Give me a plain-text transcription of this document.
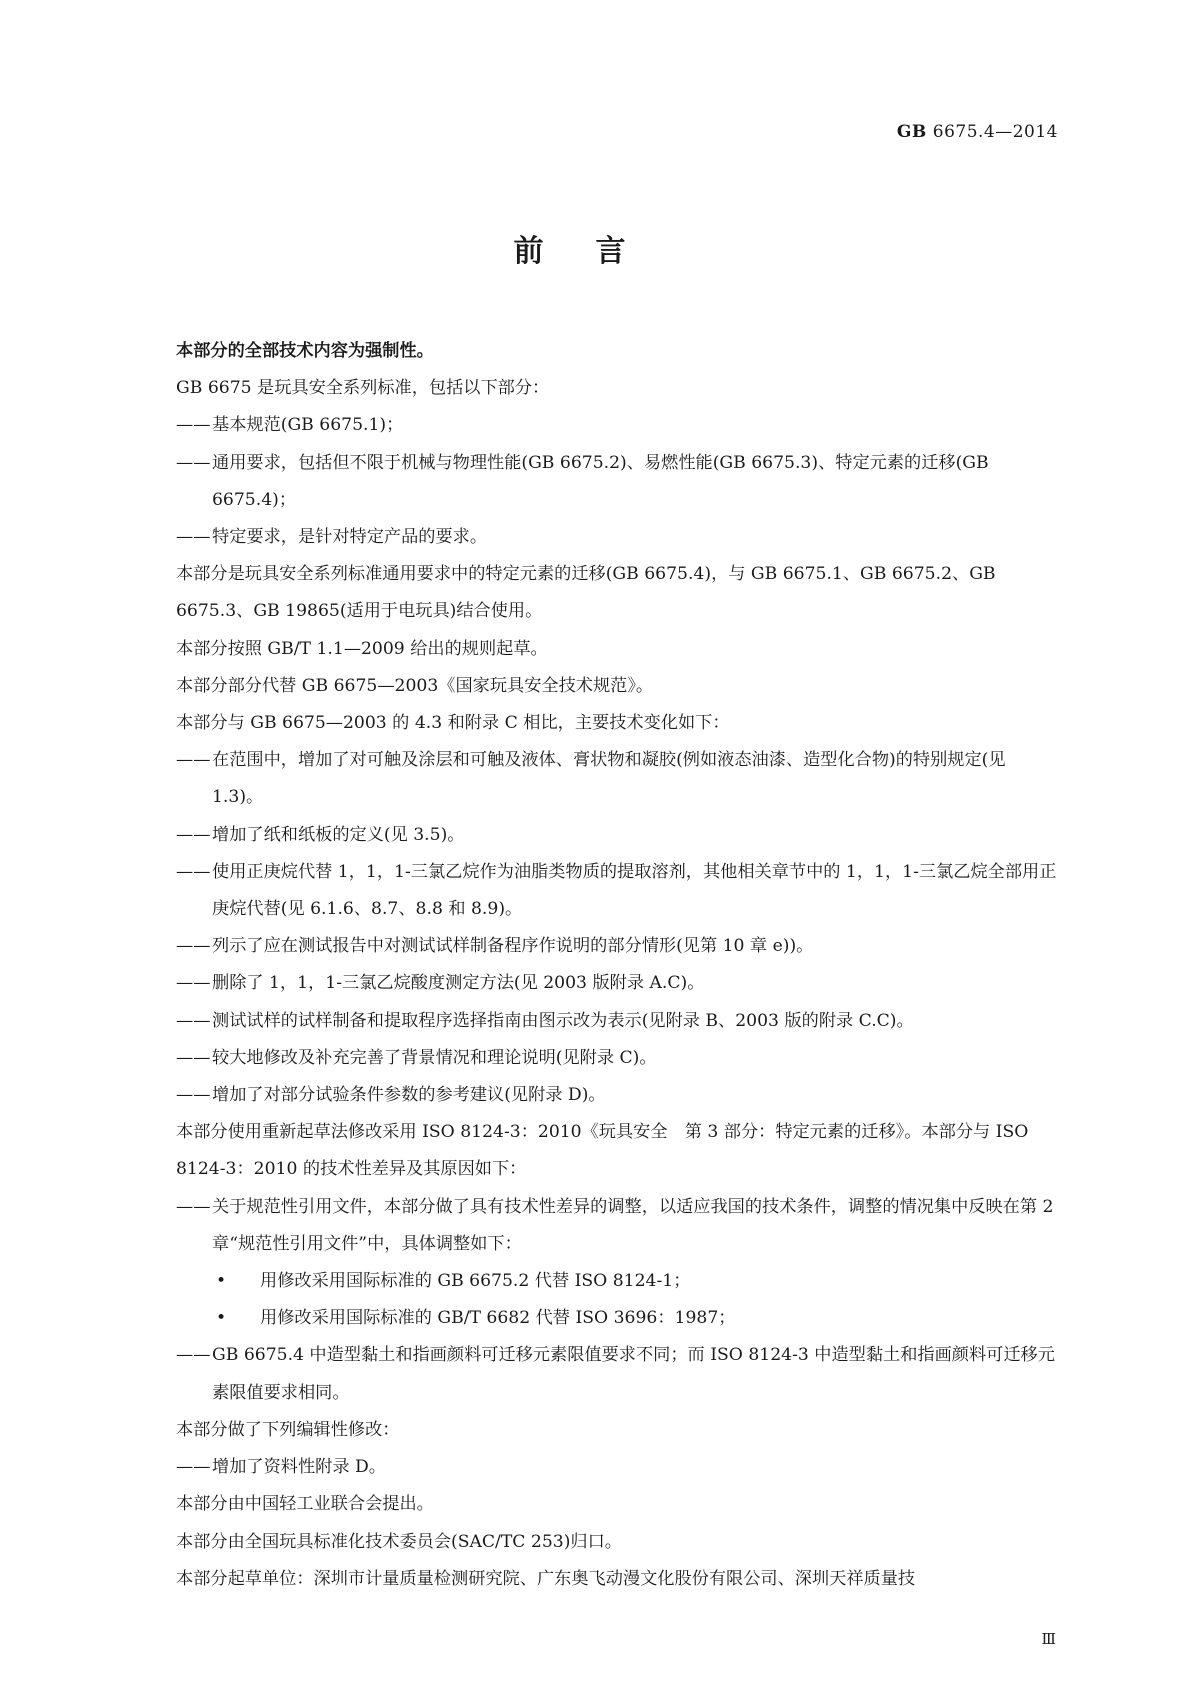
GB 6675.4—2014
前言

本部分的全部技术内容为强制性。

GB 6675 是玩具安全系列标准，包括以下部分：

——基本规范(GB 6675.1)；

——通用要求，包括但不限于机械与物理性能(GB 6675.2)、易燃性能(GB 6675.3)、特定元素的迁移(GB 6675.4)；

——特定要求，是针对特定产品的要求。

本部分是玩具安全系列标准通用要求中的特定元素的迁移(GB 6675.4)，与 GB 6675.1、GB 6675.2、GB 6675.3、GB 19865(适用于电玩具)结合使用。

本部分按照 GB/T 1.1—2009 给出的规则起草。

本部分部分代替 GB 6675—2003《国家玩具安全技术规范》。

本部分与 GB 6675—2003 的 4.3 和附录 C 相比，主要技术变化如下：

——在范围中，增加了对可触及涂层和可触及液体、膏状物和凝胶(例如液态油漆、造型化合物)的特别规定(见 1.3)。

——增加了纸和纸板的定义(见 3.5)。

——使用正庚烷代替 1，1，1-三氯乙烷作为油脂类物质的提取溶剂，其他相关章节中的 1，1，1-三氯乙烷全部用正庚烷代替(见 6.1.6、8.7、8.8 和 8.9)。

——列示了应在测试报告中对测试试样制备程序作说明的部分情形(见第 10 章 e))。

——删除了 1，1，1-三氯乙烷酸度测定方法(见 2003 版附录 A.C)。

——测试试样的试样制备和提取程序选择指南由图示改为表示(见附录 B、2003 版的附录 C.C)。

——较大地修改及补充完善了背景情况和理论说明(见附录 C)。

——增加了对部分试验条件参数的参考建议(见附录 D)。

本部分使用重新起草法修改采用 ISO 8124-3：2010《玩具安全　第 3 部分：特定元素的迁移》。本部分与 ISO 8124-3：2010 的技术性差异及其原因如下：

——关于规范性引用文件，本部分做了具有技术性差异的调整，以适应我国的技术条件，调整的情况集中反映在第 2 章“规范性引用文件”中，具体调整如下：

• 用修改采用国际标准的 GB 6675.2 代替 ISO 8124-1；

• 用修改采用国际标准的 GB/T 6682 代替 ISO 3696：1987；

——GB 6675.4 中造型黏土和指画颜料可迁移元素限值要求不同；而 ISO 8124-3 中造型黏土和指画颜料可迁移元素限值要求相同。

本部分做了下列编辑性修改：

——增加了资料性附录 D。

本部分由中国轻工业联合会提出。

本部分由全国玩具标准化技术委员会(SAC/TC 253)归口。

本部分起草单位：深圳市计量质量检测研究院、广东奥飞动漫文化股份有限公司、深圳天祥质量技

Ⅲ
